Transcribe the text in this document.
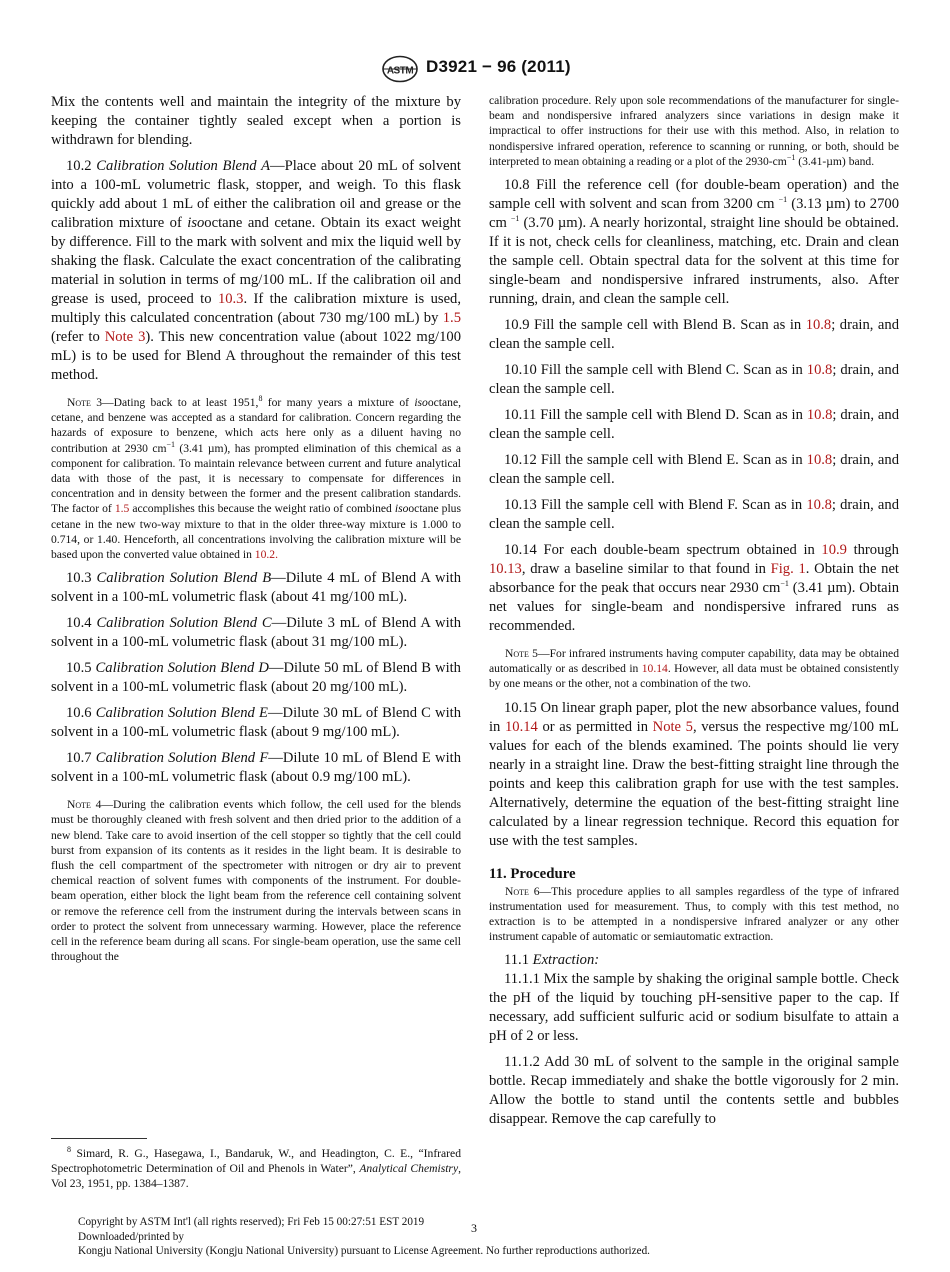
ASTM D3921 − 96 (2011)

Mix the contents well and maintain the integrity of the mixture by keeping the container tightly sealed except when a portion is withdrawn for blending.

10.2 Calibration Solution Blend A—Place about 20 mL of solvent into a 100-mL volumetric flask, stopper, and weigh. To this flask quickly add about 1 mL of either the calibration oil and grease or the calibration mixture of isooctane and cetane. Obtain its exact weight by difference. Fill to the mark with solvent and mix the liquid well by shaking the flask. Calculate the exact concentration of the calibrating material in solution in terms of mg/100 mL. If the calibration oil and grease is used, proceed to 10.3. If the calibration mixture is used, multiply this calculated concentration (about 730 mg/100 mL) by 1.5 (refer to Note 3). This new concentration value (about 1022 mg/100 mL) is to be used for Blend A throughout the remainder of this test method.

Note 3—Dating back to at least 1951,$^8$ for many years a mixture of isooctane, cetane, and benzene was accepted as a standard for calibration. Concern regarding the hazards of exposure to benzene, which acts here only as a diluent having no contribution at 2930 $cm^{-1}$ (3.41 µm), has prompted elimination of this chemical as a component for calibration. To maintain relevance between current and future analytical data with those of the past, it is necessary to compensate for differences in concentration and in density between the former and the present calibration standards. The factor of 1.5 accomplishes this because the weight ratio of combined isooctane plus cetane in the new two-way mixture to that in the older three-way mixture is 1.000 to 0.714, or 1.40. Henceforth, all concentrations involving the calibration mixture will be based upon the converted value obtained in 10.2.

10.3 Calibration Solution Blend B—Dilute 4 mL of Blend A with solvent in a 100-mL volumetric flask (about 41 mg/100 mL).

10.4 Calibration Solution Blend C—Dilute 3 mL of Blend A with solvent in a 100-mL volumetric flask (about 31 mg/100 mL).

10.5 Calibration Solution Blend D—Dilute 50 mL of Blend B with solvent in a 100-mL volumetric flask (about 20 mg/100 mL).

10.6 Calibration Solution Blend E—Dilute 30 mL of Blend C with solvent in a 100-mL volumetric flask (about 9 mg/100 mL).

10.7 Calibration Solution Blend F—Dilute 10 mL of Blend E with solvent in a 100-mL volumetric flask (about 0.9 mg/100 mL).

Note 4—During the calibration events which follow, the cell used for the blends must be thoroughly cleaned with fresh solvent and then dried prior to the addition of a new blend. Take care to avoid insertion of the cell stopper so tightly that the cell could burst from expansion of its contents as it resides in the light beam. It is desirable to flush the cell compartment of the spectrometer with nitrogen or dry air to prevent chemical reaction of solvent fumes with components of the instrument. For double-beam operation, either block the light beam from the reference cell containing solvent or remove the reference cell from the instrument during the intervals between scans in order to protect the solvent from unnecessary warming. However, place the reference cell in the reference beam during all scans. For single-beam operation, use the same cell throughout the

$^8$ Simard, R. G., Hasegawa, I., Bandaruk, W., and Headington, C. E., “Infrared Spectrophotometric Determination of Oil and Phenols in Water”, Analytical Chemistry, Vol 23, 1951, pp. 1384–1387.

calibration procedure. Rely upon sole recommendations of the manufacturer for single-beam and nondispersive infrared analyzers since variations in design make it impractical to offer instructions for their use with this method. Also, in relation to nondispersive infrared operation, reference to scanning or running, or both, should be interpreted to mean obtaining a reading or a plot of the $2930-cm^{-1}$ (3.41-µm) band.

10.8 Fill the reference cell (for double-beam operation) and the sample cell with solvent and scan from 3200 cm $^{-1}$ (3.13 µm) to 2700 cm $^{-1}$ (3.70 µm). A nearly horizontal, straight line should be obtained. If it is not, check cells for cleanliness, matching, etc. Drain and clean the sample cell. Obtain spectral data for the solvent at this time for single-beam and nondispersive infrared instruments, also. After running, drain, and clean the sample cell.

10.9 Fill the sample cell with Blend B. Scan as in 10.8; drain, and clean the sample cell.

10.10 Fill the sample cell with Blend C. Scan as in 10.8; drain, and clean the sample cell.

10.11 Fill the sample cell with Blend D. Scan as in 10.8; drain, and clean the sample cell.

10.12 Fill the sample cell with Blend E. Scan as in 10.8; drain, and clean the sample cell.

10.13 Fill the sample cell with Blend F. Scan as in 10.8; drain, and clean the sample cell.

10.14 For each double-beam spectrum obtained in 10.9 through 10.13, draw a baseline similar to that found in Fig. 1. Obtain the net absorbance for the peak that occurs near 2930 $cm^{-1}$ (3.41 µm). Obtain net values for single-beam and nondispersive infrared runs as recommended.

Note 5—For infrared instruments having computer capability, data may be obtained automatically or as described in 10.14. However, all data must be obtained consistently by one means or the other, not a combination of the two.

10.15 On linear graph paper, plot the new absorbance values, found in 10.14 or as permitted in Note 5, versus the respective mg/100 mL values for each of the blends examined. The points should lie very nearly in a straight line. Draw the best-fitting straight line through the points and keep this calibration graph for use with the test samples. Alternatively, determine the equation of the best-fitting straight line calculated by a linear regression technique. Record this equation for use with the test samples.

11. Procedure

Note 6—This procedure applies to all samples regardless of the type of infrared instrumentation used for measurement. Thus, to comply with this test method, no extraction is to be attempted in a nondispersive infrared analyzer or any other instrument capable of automatic or semiautomatic extraction.

11.1 Extraction:

11.1.1 Mix the sample by shaking the original sample bottle. Check the pH of the liquid by touching pH-sensitive paper to the cap. If necessary, add sufficient sulfuric acid or sodium bisulfate to attain a pH of 2 or less.

11.1.2 Add 30 mL of solvent to the sample in the original sample bottle. Recap immediately and shake the bottle vigorously for 2 min. Allow the bottle to stand until the contents settle and bubbles disappear. Remove the cap carefully to

Copyright by ASTM Int'l (all rights reserved); Fri Feb 15 00:27:51 EST 2019
Downloaded/printed by
Kongju National University (Kongju National University) pursuant to License Agreement. No further reproductions authorized.
3
